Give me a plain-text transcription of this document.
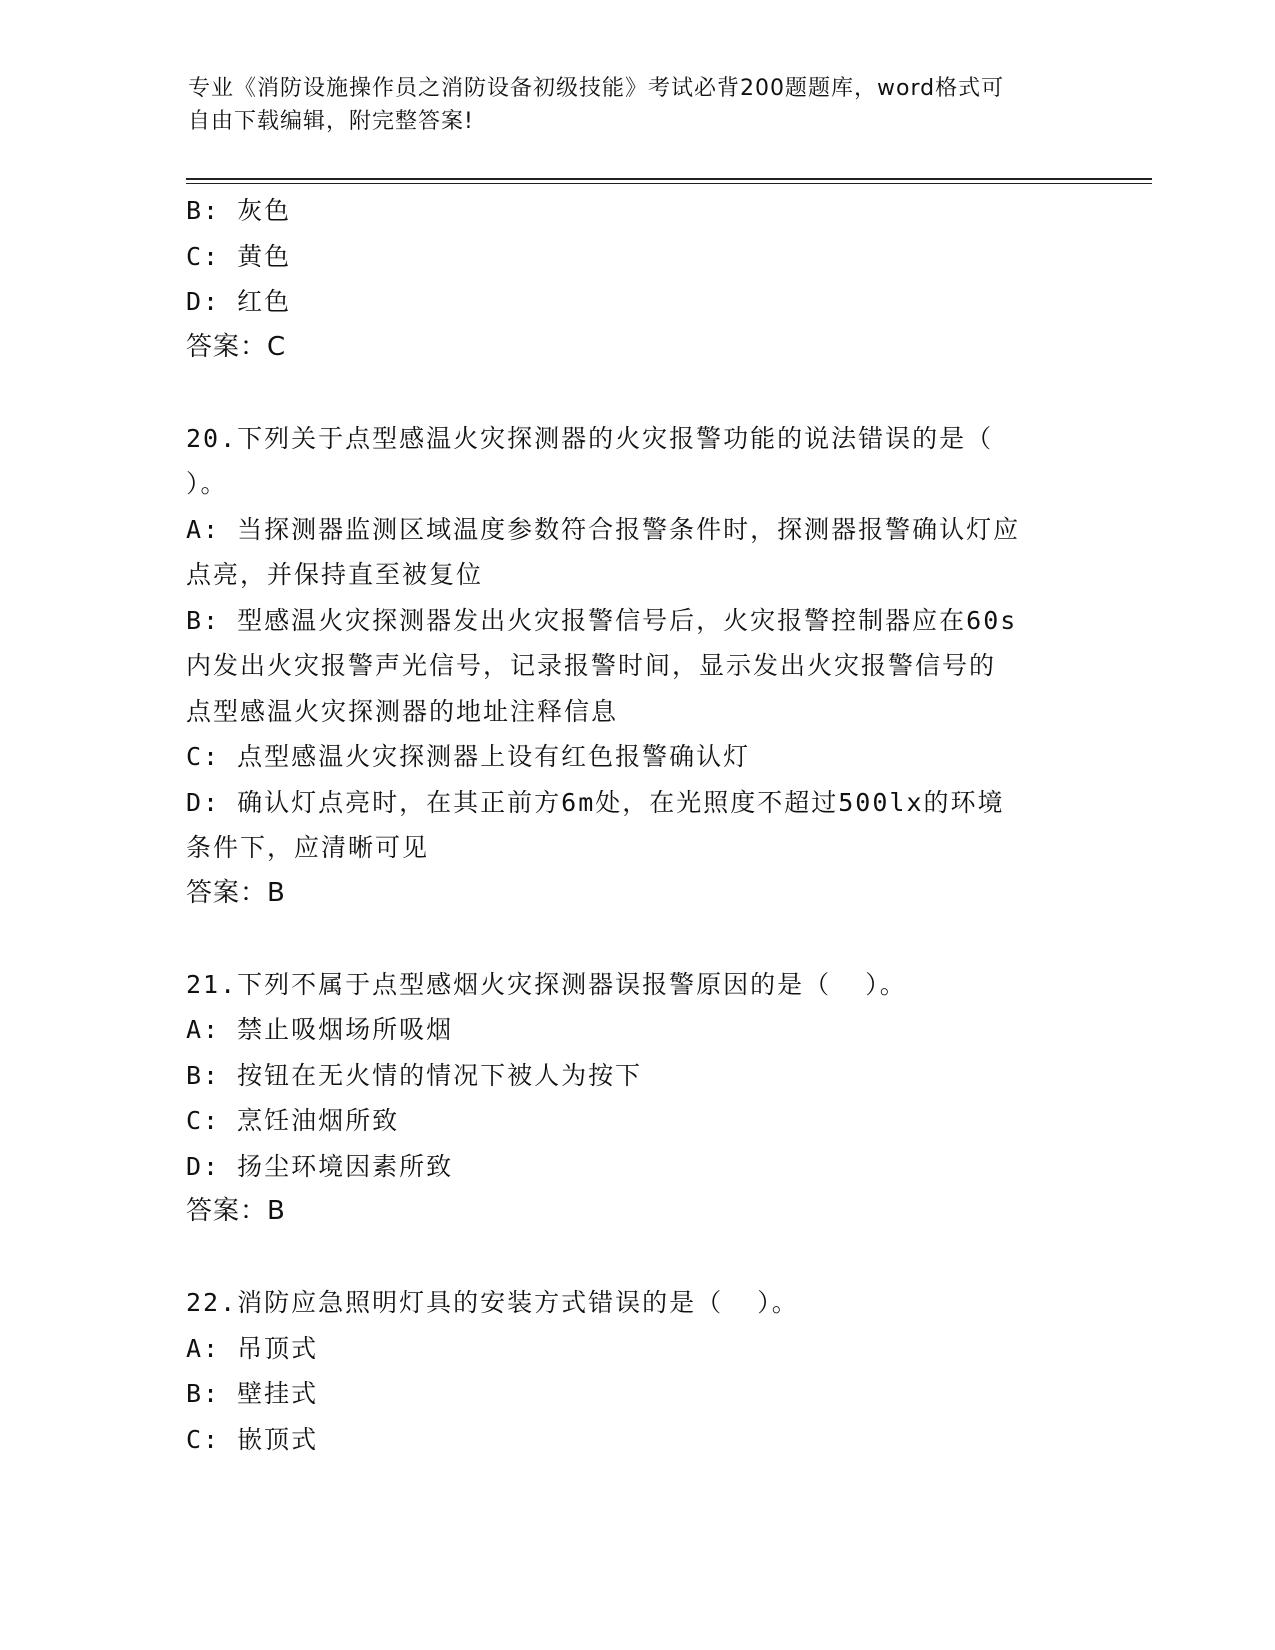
专业《消防设施操作员之消防设备初级技能》考试必背200题题库，word格式可
自由下载编辑，附完整答案!
B: 灰色
C: 黄色
D: 红色
答案：C
20.下列关于点型感温火灾探测器的火灾报警功能的说法错误的是（
）。
A: 当探测器监测区域温度参数符合报警条件时，探测器报警确认灯应
点亮，并保持直至被复位
B: 型感温火灾探测器发出火灾报警信号后，火灾报警控制器应在60s
内发出火灾报警声光信号，记录报警时间，显示发出火灾报警信号的
点型感温火灾探测器的地址注释信息
C: 点型感温火灾探测器上设有红色报警确认灯
D: 确认灯点亮时，在其正前方6m处，在光照度不超过500lx的环境
条件下，应清晰可见
答案：B
21.下列不属于点型感烟火灾探测器误报警原因的是（  ）。
A: 禁止吸烟场所吸烟
B: 按钮在无火情的情况下被人为按下
C: 烹饪油烟所致
D: 扬尘环境因素所致
答案：B
22.消防应急照明灯具的安装方式错误的是（  ）。
A: 吊顶式
B: 壁挂式
C: 嵌顶式
